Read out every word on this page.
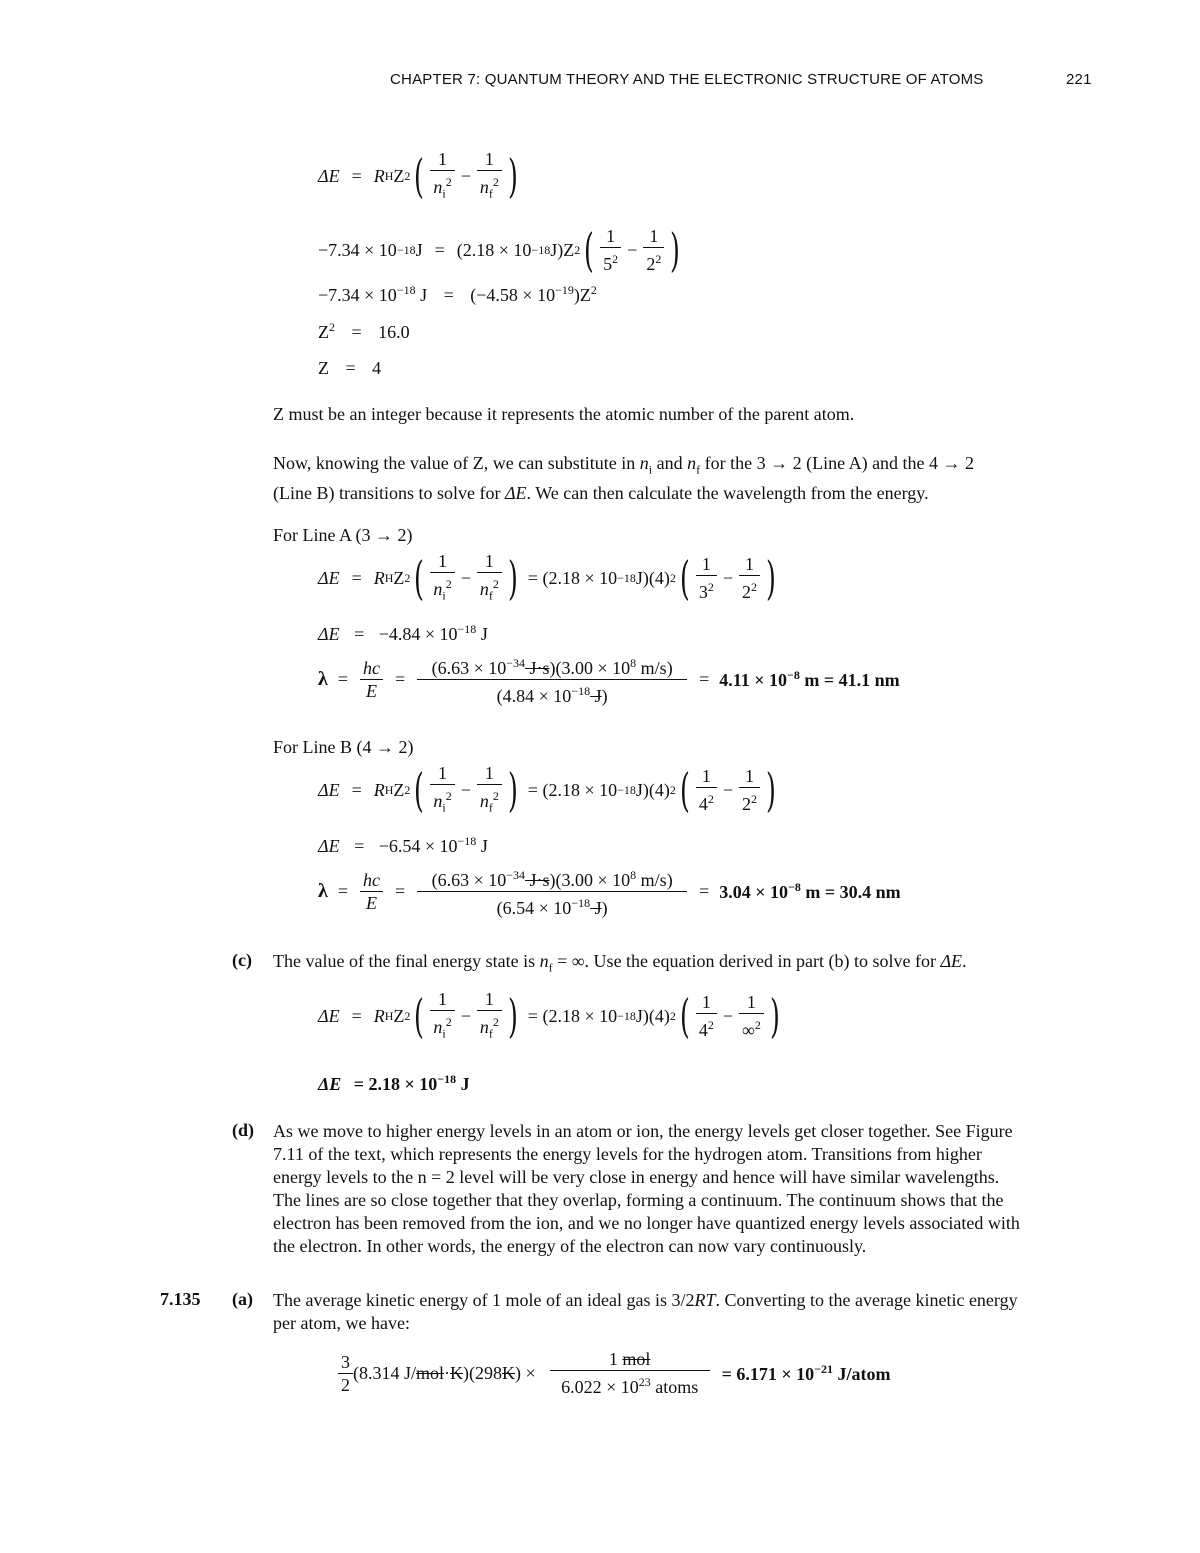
CHAPTER 7: QUANTUM THEORY AND THE ELECTRONIC STRUCTURE OF ATOMS	221
ΔE = R H Z 2 ( $\frac{1}{n_i^2} - \frac{1}{n_f^2}$ )
−7.34 × 10 −18 J = (2.18 × 10 −18 J)Z 2 ( $\frac{1}{5^2} - \frac{1}{2^2}$ )
$-7.34 \times 10^{-18}$ $J = (-4.58 \times 10^{-19})Z^2$
$Z^2 = 16.0$
Z = 4
Z must be an integer because it represents the atomic number of the parent atom.
Now, knowing the value of Z, we can substitute in $n_i$ and $n_f$ for the 3 → 2 (Line A) and the 4 → 2
(Line B) transitions to solve for ΔE. We can then calculate the wavelength from the energy.
For Line A (3 → 2)
ΔE = R H Z 2 ( $\frac{1}{n_i^2} - \frac{1}{n_f^2}$ ) = (2.18 × 10 −18 J)(4) 2 ( $\frac{1}{3^2} - \frac{1}{2^2}$ )
$\Delta E = -4.84 \times 10^{-18}$ J
$\lambda = \frac{hc}{E} = \frac{(6.63 \times 10^{-34} J\cdot s)(3.00 \times 10^8 m/s)}{(4.84 \times 10^{-18} J)} = 4.11 \times 10^{-8}$ m = 41.1 nm
For Line B (4 → 2)
ΔE = R H Z 2 ( $\frac{1}{n_i^2} - \frac{1}{n_f^2}$ ) = (2.18 × 10 −18 J)(4) 2 ( $\frac{1}{4^2} - \frac{1}{2^2}$ )
$\Delta E = -6.54 \times 10^{-18}$ J
$\lambda = \frac{hc}{E} = \frac{(6.63 \times 10^{-34} J\cdot s)(3.00 \times 10^8 m/s)}{(6.54 \times 10^{-18} J)} = 3.04 \times 10^{-8}$ m = 30.4 nm
(c) The value of the final energy state is $n_f$ = ∞. Use the equation derived in part (b) to solve for ΔE.
ΔE = R H Z 2 ( $\frac{1}{n_i^2} - \frac{1}{n_f^2}$ ) = (2.18 × 10 −18 J)(4) 2 ( $\frac{1}{4^2} - \frac{1}{\infty^2}$ )
$\Delta E = 2.18 \times 10^{-18}$ J
(d) As we move to higher energy levels in an atom or ion, the energy levels get closer together. See Figure
7.11 of the text, which represents the energy levels for the hydrogen atom. Transitions from higher
energy levels to the n = 2 level will be very close in energy and hence will have similar wavelengths.
The lines are so close together that they overlap, forming a continuum. The continuum shows that the
electron has been removed from the ion, and we no longer have quantized energy levels associated with
the electron. In other words, the energy of the electron can now vary continuously.
7.135 (a) The average kinetic energy of 1 mole of an ideal gas is 3/2RT. Converting to the average kinetic energy
per atom, we have:
$\frac{3}{2} (8.314$ J/ mol · K )(298 K ) × $\frac{\text{1 mol}}{6.022 \times 10^{23} atoms} = 6.171 \times 10^{-21}$ J/atom
